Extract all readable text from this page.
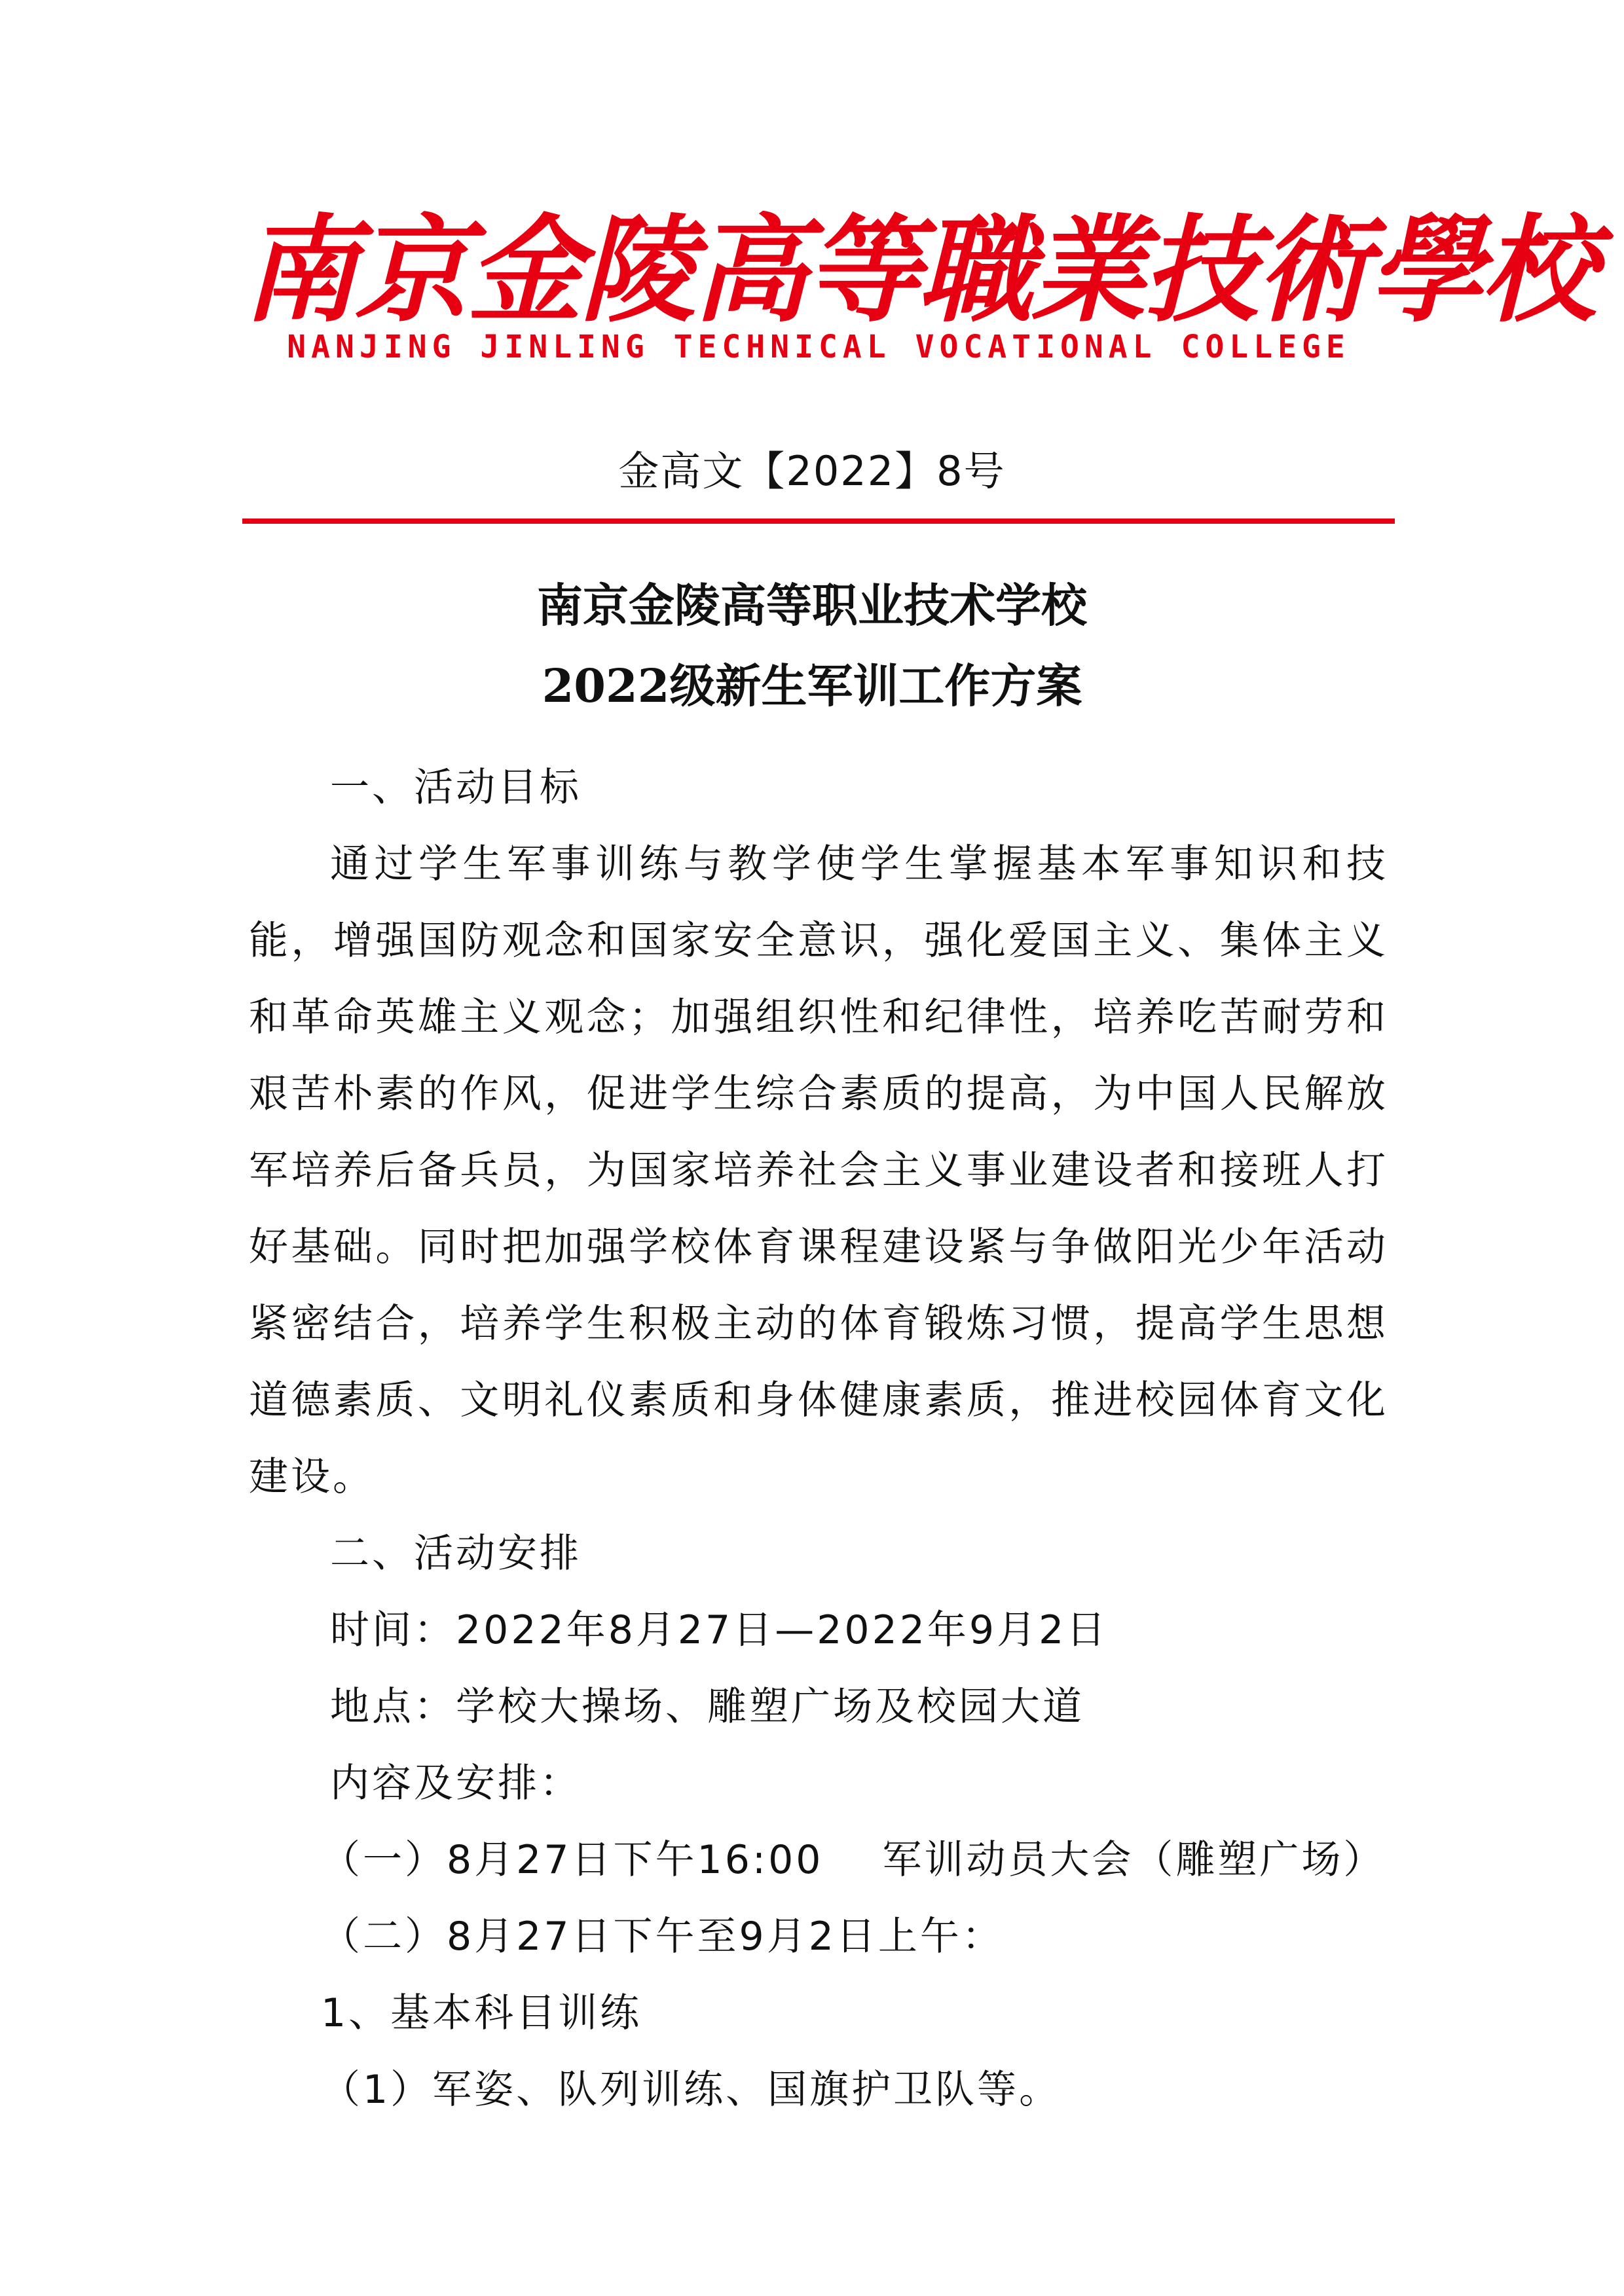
南京金陵高等職業技術學校
NANJING JINLING TECHNICAL VOCATIONAL COLLEGE
金高文【2022】8号
南京金陵高等职业技术学校
2022级新生军训工作方案

一、活动目标

通过学生军事训练与教学使学生掌握基本军事知识和技能，增强国防观念和国家安全意识，强化爱国主义、集体主义和革命英雄主义观念；加强组织性和纪律性，培养吃苦耐劳和艰苦朴素的作风，促进学生综合素质的提高，为中国人民解放军培养后备兵员，为国家培养社会主义事业建设者和接班人打好基础。同时把加强学校体育课程建设紧与争做阳光少年活动紧密结合，培养学生积极主动的体育锻炼习惯，提高学生思想道德素质、文明礼仪素质和身体健康素质，推进校园体育文化建设。

二、活动安排

时间：2022年8月27日—2022年9月2日

地点：学校大操场、雕塑广场及校园大道

内容及安排：

（一）8月27日下午16:00 军训动员大会（雕塑广场）

（二）8月27日下午至9月2日上午：

1、基本科目训练

（1）军姿、队列训练、国旗护卫队等。
